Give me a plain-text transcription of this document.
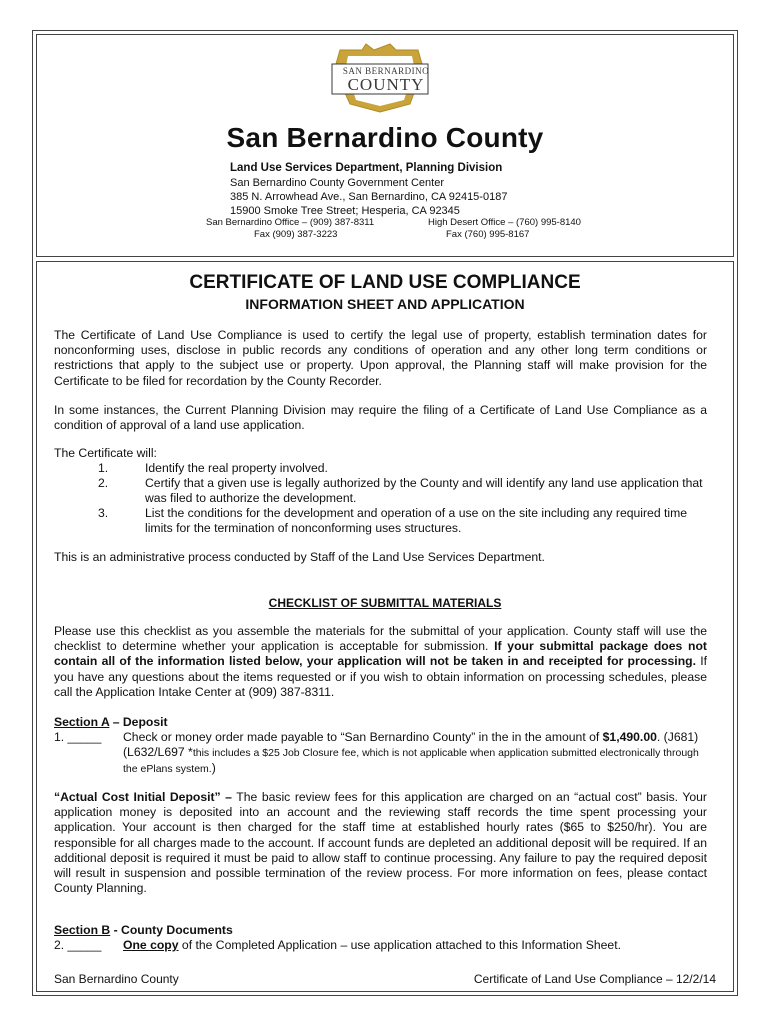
SAN BERNARDINO
COUNTY
San Bernardino County
Land Use Services Department, Planning Division
San Bernardino County Government Center
385 N. Arrowhead Ave., San Bernardino, CA 92415-0187
15900 Smoke Tree Street; Hesperia, CA 92345
San Bernardino Office – (909) 387-8311
Fax (909) 387-3223
High Desert Office – (760) 995-8140
Fax (760) 995-8167
CERTIFICATE OF LAND USE COMPLIANCE
INFORMATION SHEET AND APPLICATION
The Certificate of Land Use Compliance is used to certify the legal use of property, establish termination dates for nonconforming uses, disclose in public records any conditions of operation and any other long term conditions or restrictions that apply to the subject use or property. Upon approval, the Planning staff will make provision for the Certificate to be filed for recordation by the County Recorder.
In some instances, the Current Planning Division may require the filing of a Certificate of Land Use Compliance as a condition of approval of a land use application.
The Certificate will:
1.	Identify the real property involved.
2.	Certify that a given use is legally authorized by the County and will identify any land use application that was filed to authorize the development.
3.	List the conditions for the development and operation of a use on the site including any required time limits for the termination of nonconforming uses structures.
This is an administrative process conducted by Staff of the Land Use Services Department.
CHECKLIST OF SUBMITTAL MATERIALS
Please use this checklist as you assemble the materials for the submittal of your application. County staff will use the checklist to determine whether your application is acceptable for submission. If your submittal package does not contain all of the information listed below, your application will not be taken in and receipted for processing. If you have any questions about the items requested or if you wish to obtain information on processing schedules, please call the Application Intake Center at (909) 387-8311.
Section A – Deposit
1. _____ Check or money order made payable to “San Bernardino County” in the in the amount of $1,490.00. (J681) (L632/L697 *this includes a $25 Job Closure fee, which is not applicable when application submitted electronically through the ePlans system.)
“Actual Cost Initial Deposit” – The basic review fees for this application are charged on an “actual cost” basis. Your application money is deposited into an account and the reviewing staff records the time spent processing your application. Your account is then charged for the staff time at established hourly rates ($65 to $250/hr). You are responsible for all charges made to the account. If account funds are depleted an additional deposit will be required. If an additional deposit is required it must be paid to allow staff to continue processing. Any failure to pay the required deposit will result in suspension and possible termination of the review process. For more information on fees, please contact County Planning.
Section B - County Documents
2. _____ One copy of the Completed Application – use application attached to this Information Sheet.
San Bernardino County	Certificate of Land Use Compliance – 12/2/14
